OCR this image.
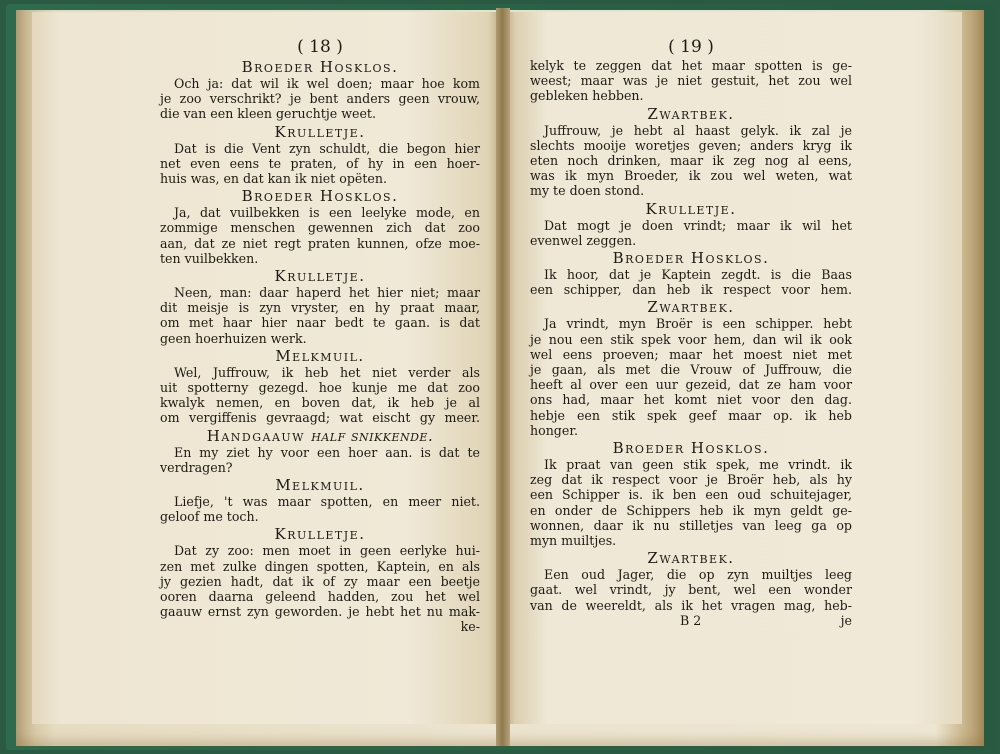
( 18 )
Broeder Hosklos.
Och ja: dat wil ik wel doen; maar hoe kom
je zoo verschrikt? je bent anders geen vrouw,
die van een kleen geruchtje weet.
Krulletje.
Dat is die Vent zyn schuldt, die begon hier
net even eens te praten, of hy in een hoer-
huis was, en dat kan ik niet opëten.
Broeder Hosklos.
Ja, dat vuilbekken is een leelyke mode, en
zommige menschen gewennen zich dat zoo
aan, dat ze niet regt praten kunnen, ofze moe-
ten vuilbekken.
Krulletje.
Neen, man: daar haperd het hier niet; maar
dit meisje is zyn vryster, en hy praat maar,
om met haar hier naar bedt te gaan. is dat
geen hoerhuizen werk.
Melkmuil.
Wel, Juffrouw, ik heb het niet verder als
uit spotterny gezegd. hoe kunje me dat zoo
kwalyk nemen, en boven dat, ik heb je al
om vergiffenis gevraagd; wat eischt gy meer.
Handgaauw half snikkende.
En my ziet hy voor een hoer aan. is dat te
verdragen?
Melkmuil.
Liefje, 't was maar spotten, en meer niet.
geloof me toch.
Krulletje.
Dat zy zoo: men moet in geen eerlyke hui-
zen met zulke dingen spotten, Kaptein, en als
jy gezien hadt, dat ik of zy maar een beetje
ooren daarna geleend hadden, zou het wel
gaauw ernst zyn geworden. je hebt het nu mak-
ke-
( 19 )
kelyk te zeggen dat het maar spotten is ge-
weest; maar was je niet gestuit, het zou wel
gebleken hebben.
Zwartbek.
Juffrouw, je hebt al haast gelyk. ik zal je
slechts mooije woretjes geven; anders kryg ik
eten noch drinken, maar ik zeg nog al eens,
was ik myn Broeder, ik zou wel weten, wat
my te doen stond.
Krulletje.
Dat mogt je doen vrindt; maar ik wil het
evenwel zeggen.
Broeder Hosklos.
Ik hoor, dat je Kaptein zegdt. is die Baas
een schipper, dan heb ik respect voor hem.
Zwartbek.
Ja vrindt, myn Broër is een schipper. hebt
je nou een stik spek voor hem, dan wil ik ook
wel eens proeven; maar het moest niet met
je gaan, als met die Vrouw of Juffrouw, die
heeft al over een uur gezeid, dat ze ham voor
ons had, maar het komt niet voor den dag.
hebje een stik spek geef maar op. ik heb
honger.
Broeder Hosklos.
Ik praat van geen stik spek, me vrindt. ik
zeg dat ik respect voor je Broër heb, als hy
een Schipper is. ik ben een oud schuitejager,
en onder de Schippers heb ik myn geldt ge-
wonnen, daar ik nu stilletjes van leeg ga op
myn muiltjes.
Zwartbek.
Een oud Jager, die op zyn muiltjes leeg
gaat. wel vrindt, jy bent, wel een wonder
van de weereldt, als ik het vragen mag, heb-
B 2	je
